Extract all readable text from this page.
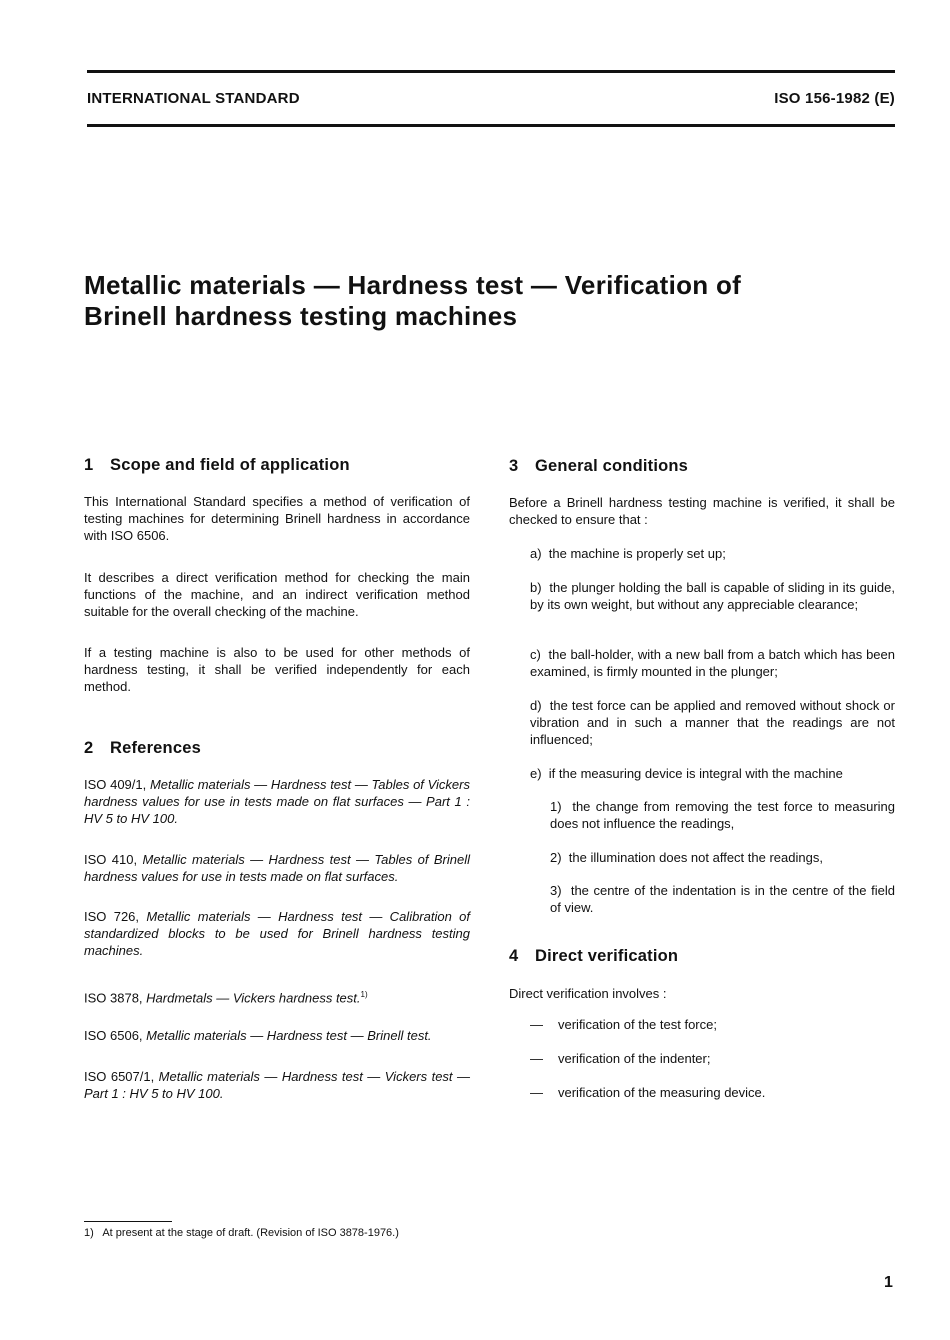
INTERNATIONAL STANDARD	ISO 156-1982 (E)
Metallic materials — Hardness test — Verification of
Brinell hardness testing machines
1 Scope and field of application

This International Standard specifies a method of verification of testing machines for determining Brinell hardness in accordance with ISO 6506.

It describes a direct verification method for checking the main functions of the machine, and an indirect verification method suitable for the overall checking of the machine.

If a testing machine is also to be used for other methods of hardness testing, it shall be verified independently for each method.

2 References

ISO 409/1, Metallic materials — Hardness test — Tables of Vickers hardness values for use in tests made on flat surfaces — Part 1 : HV 5 to HV 100.

ISO 410, Metallic materials — Hardness test — Tables of Brinell hardness values for use in tests made on flat surfaces.

ISO 726, Metallic materials — Hardness test — Calibration of standardized blocks to be used for Brinell hardness testing machines.

ISO 3878, Hardmetals — Vickers hardness test.$^{1)}$

ISO 6506, Metallic materials — Hardness test — Brinell test.

ISO 6507/1, Metallic materials — Hardness test — Vickers test — Part 1 : HV 5 to HV 100.

3 General conditions

Before a Brinell hardness testing machine is verified, it shall be checked to ensure that :

a) the machine is properly set up;

b) the plunger holding the ball is capable of sliding in its guide, by its own weight, but without any appreciable clearance;

c) the ball-holder, with a new ball from a batch which has been examined, is firmly mounted in the plunger;

d) the test force can be applied and removed without shock or vibration and in such a manner that the readings are not influenced;

e) if the measuring device is integral with the machine

1) the change from removing the test force to measuring does not influence the readings,

2) the illumination does not affect the readings,

3) the centre of the indentation is in the centre of the field of view.

4 Direct verification

Direct verification involves :

— verification of the test force;
— verification of the indenter;
— verification of the measuring device.
1) At present at the stage of draft. (Revision of ISO 3878-1976.)
1
